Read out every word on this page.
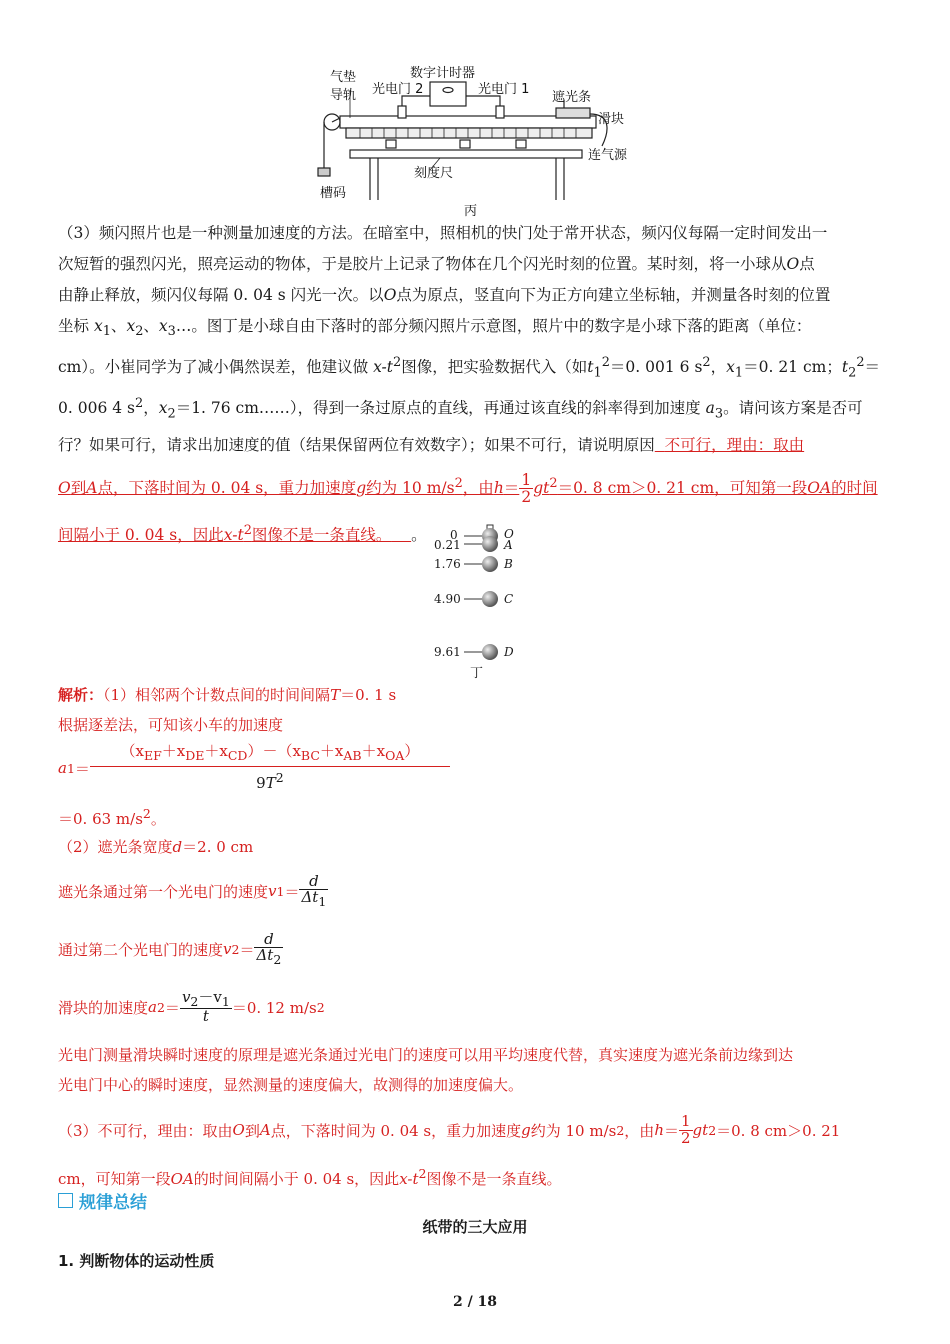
气垫
导轨 光电门 2
数字计时器
光电门 1
遮光条
滑块
连气源
刻度尺
槽码
丙
（3）频闪照片也是一种测量加速度的方法。在暗室中，照相机的快门处于常开状态，频闪仪每隔一定时间发出一
次短暂的强烈闪光，照亮运动的物体，于是胶片上记录了物体在几个闪光时刻的位置。某时刻，将一小球从O点
由静止释放，频闪仪每隔 0. 04 s 闪光一次。以O点为原点，竖直向下为正方向建立坐标轴，并测量各时刻的位置
坐标 $x_1$、$x_2$、$x_3\dots$。图丁是小球自由下落时的部分频闪照片示意图，照片中的数字是小球下落的距离（单位：
cm）。小崔同学为了减小偶然误差，他建议做 $x-t^2$图像，把实验数据代入（如$t_1^2=0$. 001 6 $s^2$，$x_1=0$. 21 cm；$t_2^2=$
0. 006 4 $s^2$，$x_2=1$. 76 cm……），得到一条过原点的直线，再通过该直线的斜率得到加速度 $a_3$。请问该方案是否可
行？如果可行，请求出加速度的值（结果保留两位有效数字）；如果不可行，请说明原因 不可行，理由：取由
O到A点，下落时间为 0. 04 s，重力加速度g约为 10 $m/s^2$，由$h= \frac{1}{2} gt^2=0$. 8 cm＞0. 21 cm，可知第一段OA的时间
间隔小于 0. 04 s，因此$x-t^2$图像不是一条直线。 。	0
0.21
1.76
4.90
9.61
O
A
B
C
D
丁
解析：（1）相邻两个计数点间的时间间隔T＝0. 1 s
根据逐差法，可知该小车的加速度
a $1 = \frac{(x_{EF}+x_{DE}+x_{CD})-(x_{BC}+x_{AB}+x_{OA})}{9T^2}$
＝0. 63 $m/s^2$。
（2）遮光条宽度d＝2. 0 cm
遮光条通过第一个光电门的速度 v $1 = \frac{d}{\Delta t_1}$
通过第二个光电门的速度 v $2 = \frac{d}{\Delta t_2}$
滑块的加速度 a $2 = \frac{v_2-v_1}{t} =0$. 12 m/s 2
光电门测量滑块瞬时速度的原理是遮光条通过光电门的速度可以用平均速度代替，真实速度为遮光条前边缘到达
光电门中心的瞬时速度，显然测量的速度偏大，故测得的加速度偏大。
（3）不可行，理由：取由 O 到 A 点，下落时间为 0. 04 s，重力加速度 g 约为 10 m/s 2 ，由 $h = \frac{1}{2}$ gt 2 ＝0. 8 cm＞0. 21
cm，可知第一段OA的时间间隔小于 0. 04 s，因此$x-t^2$图像不是一条直线。
规律总结
纸带的三大应用
1. 判断物体的运动性质
2 / 18
